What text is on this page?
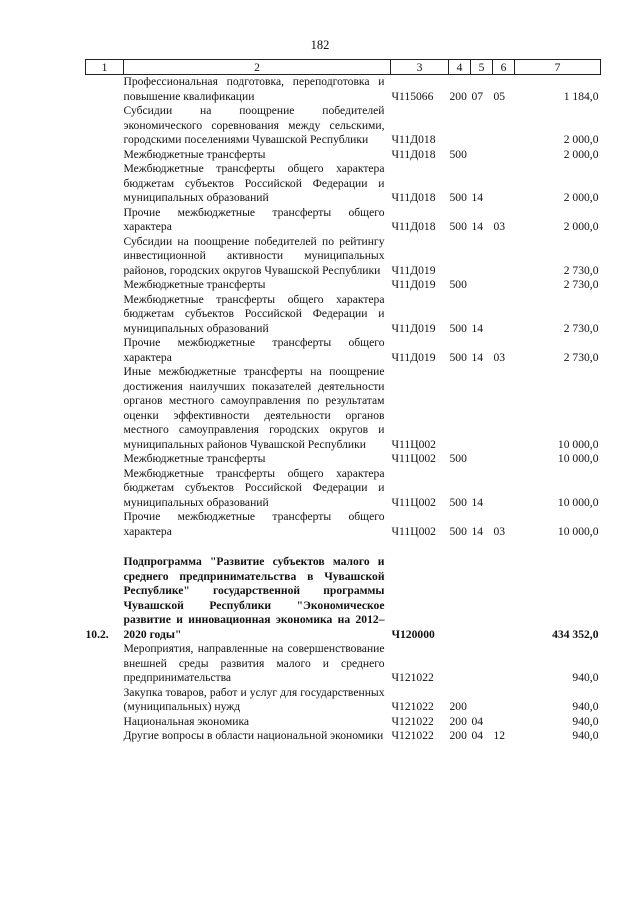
182
1	2	3	4	5	6	7
	Профессиональная подготовка, переподготовка и повышение квалификации	Ч115066	200	07	05	1 184,0
	Субсидии на поощрение победителей экономического соревнования между сельскими, городскими поселениями Чувашской Республики	Ч11Д018				2 000,0
	Межбюджетные трансферты	Ч11Д018	500			2 000,0
	Межбюджетные трансферты общего характера бюджетам субъектов Российской Федерации и муниципальных образований	Ч11Д018	500	14		2 000,0
	Прочие межбюджетные трансферты общего характера	Ч11Д018	500	14	03	2 000,0
	Субсидии на поощрение победителей по рейтингу инвестиционной активности муниципальных районов, городских округов Чувашской Республики	Ч11Д019				2 730,0
	Межбюджетные трансферты	Ч11Д019	500			2 730,0
	Межбюджетные трансферты общего характера бюджетам субъектов Российской Федерации и муниципальных образований	Ч11Д019	500	14		2 730,0
	Прочие межбюджетные трансферты общего характера	Ч11Д019	500	14	03	2 730,0
	Иные межбюджетные трансферты на поощрение достижения наилучших показателей деятельности органов местного самоуправления по результатам оценки эффективности деятельности органов местного самоуправления городских округов и муниципальных районов Чувашской Республики	Ч11Ц002				10 000,0
	Межбюджетные трансферты	Ч11Ц002	500			10 000,0
	Межбюджетные трансферты общего характера бюджетам субъектов Российской Федерации и муниципальных образований	Ч11Ц002	500	14		10 000,0
	Прочие межбюджетные трансферты общего характера	Ч11Ц002	500	14	03	10 000,0

10.2.	Подпрограмма "Развитие субъектов малого и среднего предпринимательства в Чувашской Республике" государственной программы Чувашской Республики "Экономическое развитие и инновационная экономика на 2012–2020 годы"	Ч120000				434 352,0
	Мероприятия, направленные на совершенствование внешней среды развития малого и среднего предпринимательства	Ч121022				940,0
	Закупка товаров, работ и услуг для государственных (муниципальных) нужд	Ч121022	200			940,0
	Национальная экономика	Ч121022	200	04		940,0
	Другие вопросы в области национальной экономики	Ч121022	200	04	12	940,0
